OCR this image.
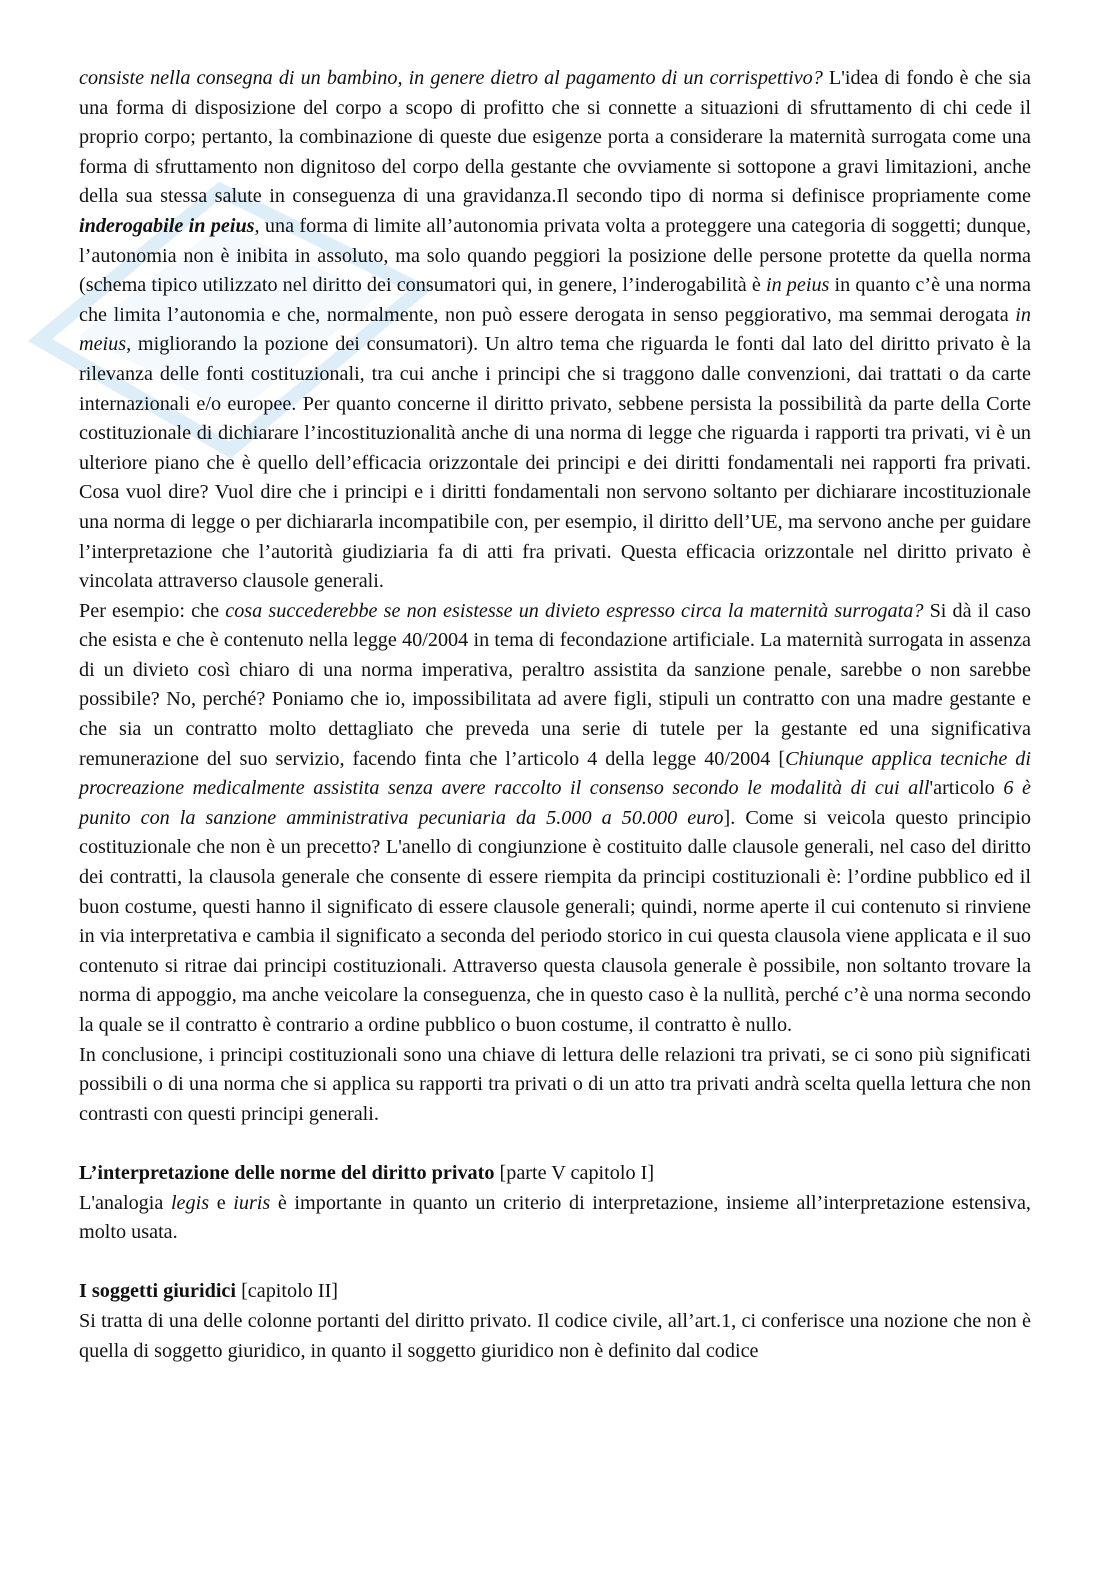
consiste nella consegna di un bambino, in genere dietro al pagamento di un corrispettivo? L'idea di fondo è che sia una forma di disposizione del corpo a scopo di profitto che si connette a situazioni di sfruttamento di chi cede il proprio corpo; pertanto, la combinazione di queste due esigenze porta a considerare la maternità surrogata come una forma di sfruttamento non dignitoso del corpo della gestante che ovviamente si sottopone a gravi limitazioni, anche della sua stessa salute in conseguenza di una gravidanza.Il secondo tipo di norma si definisce propriamente come inderogabile in peius, una forma di limite all’autonomia privata volta a proteggere una categoria di soggetti; dunque, l’autonomia non è inibita in assoluto, ma solo quando peggiori la posizione delle persone protette da quella norma (schema tipico utilizzato nel diritto dei consumatori qui, in genere, l’inderogabilità è in peius in quanto c’è una norma che limita l’autonomia e che, normalmente, non può essere derogata in senso peggiorativo, ma semmai derogata in meius, migliorando la pozione dei consumatori). Un altro tema che riguarda le fonti dal lato del diritto privato è la rilevanza delle fonti costituzionali, tra cui anche i principi che si traggono dalle convenzioni, dai trattati o da carte internazionali e/o europee. Per quanto concerne il diritto privato, sebbene persista la possibilità da parte della Corte costituzionale di dichiarare l’incostituzionalità anche di una norma di legge che riguarda i rapporti tra privati, vi è un ulteriore piano che è quello dell’efficacia orizzontale dei principi e dei diritti fondamentali nei rapporti fra privati. Cosa vuol dire? Vuol dire che i principi e i diritti fondamentali non servono soltanto per dichiarare incostituzionale una norma di legge o per dichiararla incompatibile con, per esempio, il diritto dell’UE, ma servono anche per guidare l’interpretazione che l’autorità giudiziaria fa di atti fra privati. Questa efficacia orizzontale nel diritto privato è vincolata attraverso clausole generali.

Per esempio: che cosa succederebbe se non esistesse un divieto espresso circa la maternità surrogata? Si dà il caso che esista e che è contenuto nella legge 40/2004 in tema di fecondazione artificiale. La maternità surrogata in assenza di un divieto così chiaro di una norma imperativa, peraltro assistita da sanzione penale, sarebbe o non sarebbe possibile? No, perché? Poniamo che io, impossibilitata ad avere figli, stipuli un contratto con una madre gestante e che sia un contratto molto dettagliato che preveda una serie di tutele per la gestante ed una significativa remunerazione del suo servizio, facendo finta che l’articolo 4 della legge 40/2004 [Chiunque applica tecniche di procreazione medicalmente assistita senza avere raccolto il consenso secondo le modalità di cui all'articolo 6 è punito con la sanzione amministrativa pecuniaria da 5.000 a 50.000 euro]. Come si veicola questo principio costituzionale che non è un precetto? L'anello di congiunzione è costituito dalle clausole generali, nel caso del diritto dei contratti, la clausola generale che consente di essere riempita da principi costituzionali è: l’ordine pubblico ed il buon costume, questi hanno il significato di essere clausole generali; quindi, norme aperte il cui contenuto si rinviene in via interpretativa e cambia il significato a seconda del periodo storico in cui questa clausola viene applicata e il suo contenuto si ritrae dai principi costituzionali. Attraverso questa clausola generale è possibile, non soltanto trovare la norma di appoggio, ma anche veicolare la conseguenza, che in questo caso è la nullità, perché c’è una norma secondo la quale se il contratto è contrario a ordine pubblico o buon costume, il contratto è nullo.

In conclusione, i principi costituzionali sono una chiave di lettura delle relazioni tra privati, se ci sono più significati possibili o di una norma che si applica su rapporti tra privati o di un atto tra privati andrà scelta quella lettura che non contrasti con questi principi generali.

L’interpretazione delle norme del diritto privato [parte V capitolo I]

L'analogia legis e iuris è importante in quanto un criterio di interpretazione, insieme all’interpretazione estensiva, molto usata.

I soggetti giuridici [capitolo II]

Si tratta di una delle colonne portanti del diritto privato. Il codice civile, all’art.1, ci conferisce una nozione che non è quella di soggetto giuridico, in quanto il soggetto giuridico non è definito dal codice
